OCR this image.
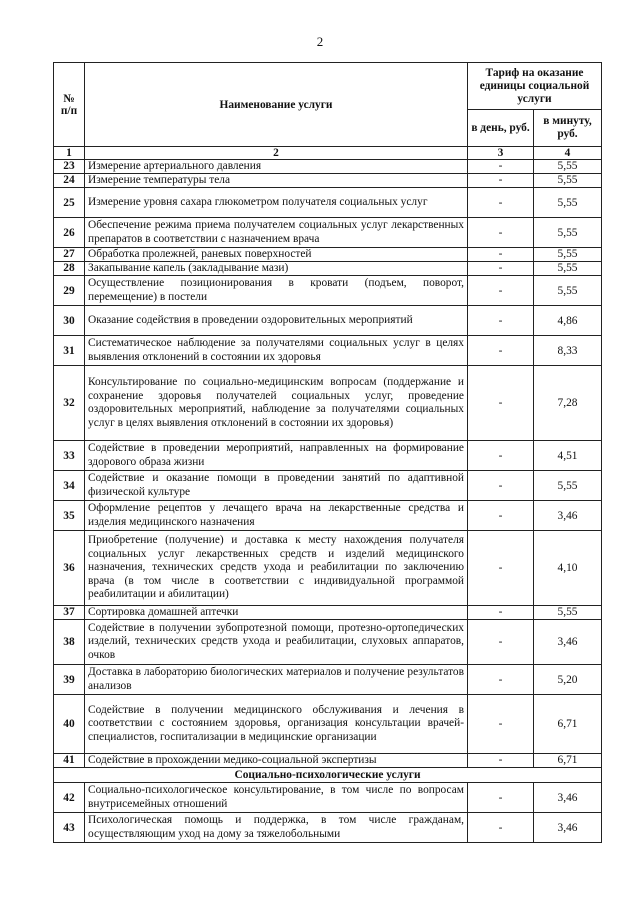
2
№ п/п	Наименование услуги	Тариф на оказание единицы социальной услуги	
		в день, руб.	в минуту, руб.
1	2	3	4
23	Измерение артериального давления	-	5,55
24	Измерение температуры тела	-	5,55
25	Измерение уровня сахара глюкометром получателя социальных услуг	-	5,55
26	Обеспечение режима приема получателем социальных услуг лекарственных препаратов в соответствии с назначением врача	-	5,55
27	Обработка пролежней, раневых поверхностей	-	5,55
28	Закапывание капель (закладывание мази)	-	5,55
29	Осуществление позиционирования в кровати (подъем, поворот, перемещение) в постели	-	5,55
30	Оказание содействия в проведении оздоровительных мероприятий	-	4,86
31	Систематическое наблюдение за получателями социальных услуг в целях выявления отклонений в состоянии их здоровья	-	8,33
32	Консультирование по социально-медицинским вопросам (поддержание и сохранение здоровья получателей социальных услуг, проведение оздоровительных мероприятий, наблюдение за получателями социальных услуг в целях выявления отклонений в состоянии их здоровья)	-	7,28
33	Содействие в проведении мероприятий, направленных на формирование здорового образа жизни	-	4,51
34	Содействие и оказание помощи в проведении занятий по адаптивной физической культуре	-	5,55
35	Оформление рецептов у лечащего врача на лекарственные средства и изделия медицинского назначения	-	3,46
36	Приобретение (получение) и доставка к месту нахождения получателя социальных услуг лекарственных средств и изделий медицинского назначения, технических средств ухода и реабилитации по заключению врача (в том числе в соответствии с индивидуальной программой реабилитации и абилитации)	-	4,10
37	Сортировка домашней аптечки	-	5,55
38	Содействие в получении зубопротезной помощи, протезно-ортопедических изделий, технических средств ухода и реабилитации, слуховых аппаратов, очков	-	3,46
39	Доставка в лабораторию биологических материалов и получение результатов анализов	-	5,20
40	Содействие в получении медицинского обслуживания и лечения в соответствии с состоянием здоровья, организация консультации врачей-специалистов, госпитализации в медицинские организации	-	6,71
41	Содействие в прохождении медико-социальной экспертизы	-	6,71
Социально-психологические услуги			
42	Социально-психологическое консультирование, в том числе по вопросам внутрисемейных отношений	-	3,46
43	Психологическая помощь и поддержка, в том числе гражданам, осуществляющим уход на дому за тяжелобольными	-	3,46
